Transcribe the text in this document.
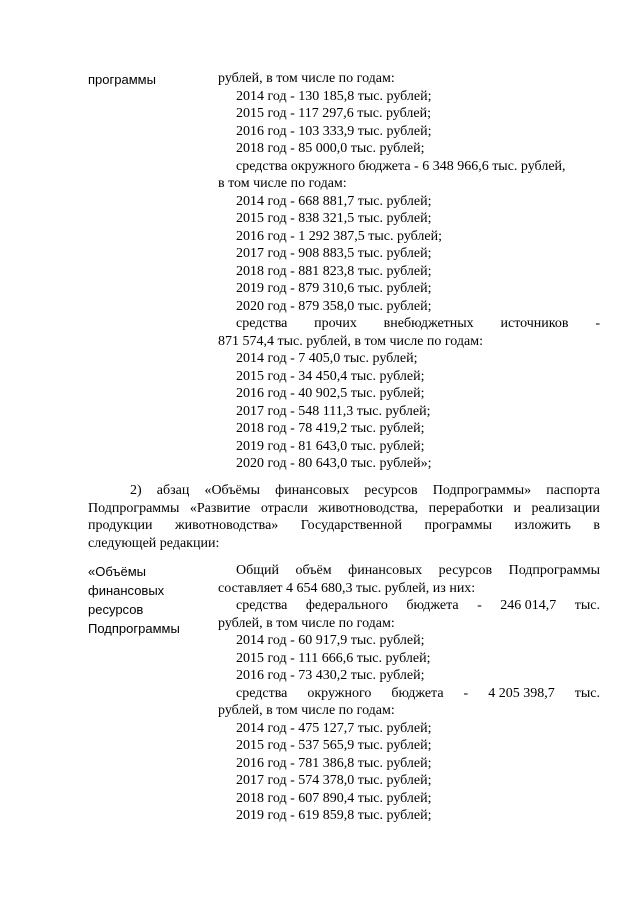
программы	рублей, в том числе по годам:
2014 год - 130 185,8 тыс. рублей;
2015 год - 117 297,6 тыс. рублей;
2016 год - 103 333,9 тыс. рублей;
2018 год - 85 000,0 тыс. рублей;
средства окружного бюджета - 6 348 966,6 тыс. рублей,
в том числе по годам:
2014 год - 668 881,7 тыс. рублей;
2015 год - 838 321,5 тыс. рублей;
2016 год - 1 292 387,5 тыс. рублей;
2017 год - 908 883,5 тыс. рублей;
2018 год - 881 823,8 тыс. рублей;
2019 год - 879 310,6 тыс. рублей;
2020 год - 879 358,0 тыс. рублей;
средства прочих внебюджетных источников -
871 574,4 тыс. рублей, в том числе по годам:
2014 год - 7 405,0 тыс. рублей;
2015 год - 34 450,4 тыс. рублей;
2016 год - 40 902,5 тыс. рублей;
2017 год - 548 111,3 тыс. рублей;
2018 год - 78 419,2 тыс. рублей;
2019 год - 81 643,0 тыс. рублей;
2020 год - 80 643,0 тыс. рублей»;
2) абзац «Объёмы финансовых ресурсов Подпрограммы» паспорта
Подпрограммы «Развитие отрасли животноводства, переработки и реализации
продукции животноводства» Государственной программы изложить в
следующей редакции:
«Объёмы
финансовых
ресурсов
Подпрограммы
Общий объём финансовых ресурсов Подпрограммы
составляет 4 654 680,3 тыс. рублей, из них:
средства федерального бюджета - 246 014,7 тыс.
рублей, в том числе по годам:
2014 год - 60 917,9 тыс. рублей;
2015 год - 111 666,6 тыс. рублей;
2016 год - 73 430,2 тыс. рублей;
средства окружного бюджета - 4 205 398,7 тыс.
рублей, в том числе по годам:
2014 год - 475 127,7 тыс. рублей;
2015 год - 537 565,9 тыс. рублей;
2016 год - 781 386,8 тыс. рублей;
2017 год - 574 378,0 тыс. рублей;
2018 год - 607 890,4 тыс. рублей;
2019 год - 619 859,8 тыс. рублей;
